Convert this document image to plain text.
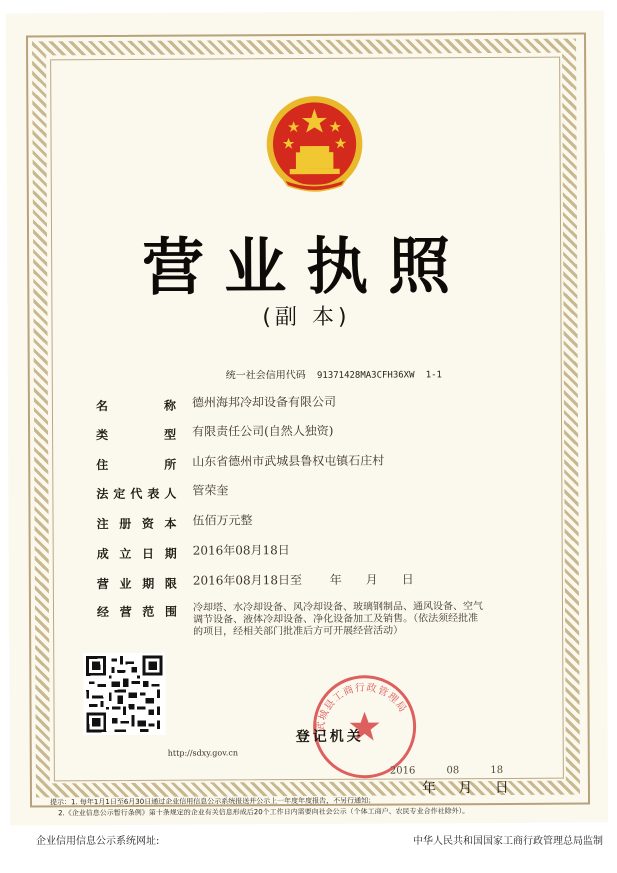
营业执照
(副 本)
统一社会信用代码 91371428MA3CFH36XW 1-1
名称 德州海邦冷却设备有限公司
类型 有限责任公司(自然人独资)
住所 山东省德州市武城县鲁权屯镇石庄村
法定代表人 管荣奎
注册资本 伍佰万元整
成立日期 2016年08月18日
营业期限 2016年08月18日至 　　年　　月　　日
经营范围 冷却塔、水冷却设备、风冷却设备、玻璃钢制品、通风设备、空气调节设备、液体冷却设备、净化设备加工及销售。（依法须经批准的项目，经相关部门批准后方可开展经营活动）
http://sdxy.gov.cn
武城县工商行政管理局
登记机关
2016 08 18
年 月 日
提示：1. 每年1月1日至6月30日通过企业信用信息公示系统报送并公示上一年度年度报告，不另行通知；
2.《企业信息公示暂行条例》第十条规定的企业有关信息形成后20个工作日内需要向社会公示（个体工商户、农民专业合作社除外）。
企业信用信息公示系统网址:	中华人民共和国国家工商行政管理总局监制
